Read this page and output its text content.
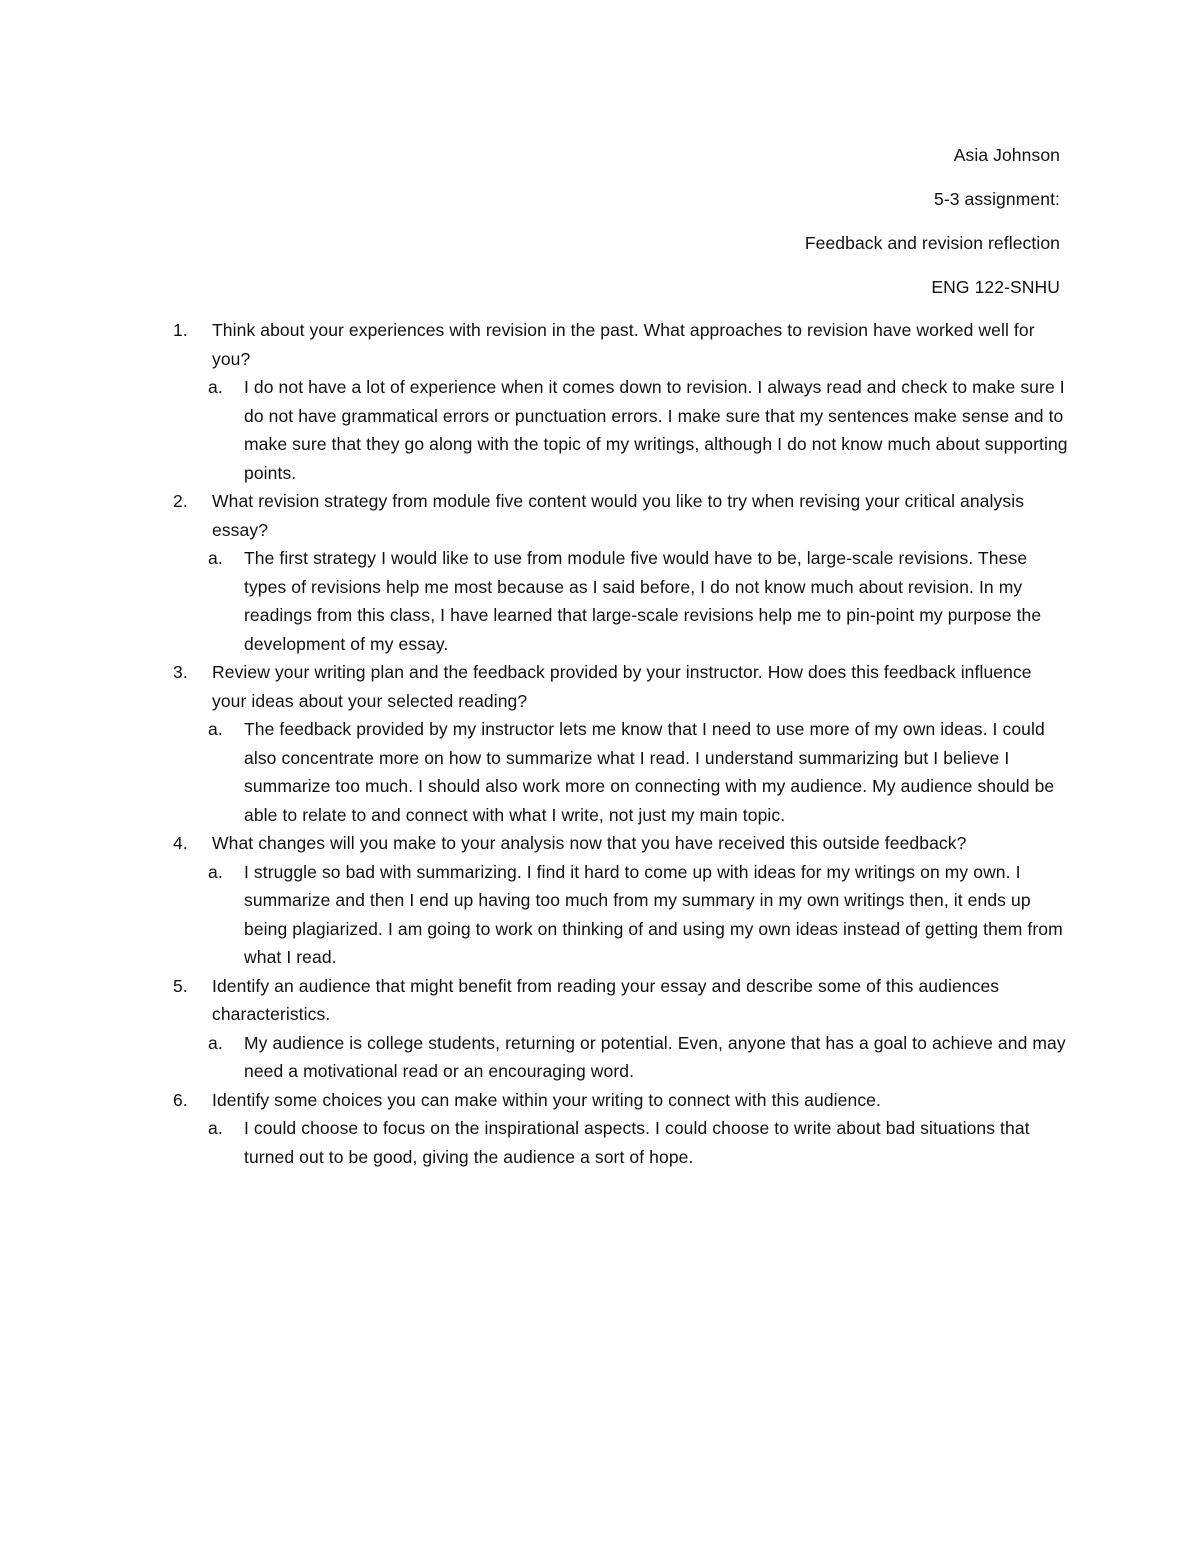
Asia Johnson
5-3 assignment:
Feedback and revision reflection
ENG 122-SNHU
1. Think about your experiences with revision in the past. What approaches to revision have worked well for you?
a. I do not have a lot of experience when it comes down to revision. I always read and check to make sure I do not have grammatical errors or punctuation errors. I make sure that my sentences make sense and to make sure that they go along with the topic of my writings, although I do not know much about supporting points.
2. What revision strategy from module five content would you like to try when revising your critical analysis essay?
a. The first strategy I would like to use from module five would have to be, large-scale revisions. These types of revisions help me most because as I said before, I do not know much about revision. In my readings from this class, I have learned that large-scale revisions help me to pin-point my purpose the development of my essay.
3. Review your writing plan and the feedback provided by your instructor. How does this feedback influence your ideas about your selected reading?
a. The feedback provided by my instructor lets me know that I need to use more of my own ideas. I could also concentrate more on how to summarize what I read. I understand summarizing but I believe I summarize too much. I should also work more on connecting with my audience. My audience should be able to relate to and connect with what I write, not just my main topic.
4. What changes will you make to your analysis now that you have received this outside feedback?
a. I struggle so bad with summarizing. I find it hard to come up with ideas for my writings on my own. I summarize and then I end up having too much from my summary in my own writings then, it ends up being plagiarized. I am going to work on thinking of and using my own ideas instead of getting them from what I read.
5. Identify an audience that might benefit from reading your essay and describe some of this audiences characteristics.
a. My audience is college students, returning or potential. Even, anyone that has a goal to achieve and may need a motivational read or an encouraging word.
6. Identify some choices you can make within your writing to connect with this audience.
a. I could choose to focus on the inspirational aspects. I could choose to write about bad situations that turned out to be good, giving the audience a sort of hope.
